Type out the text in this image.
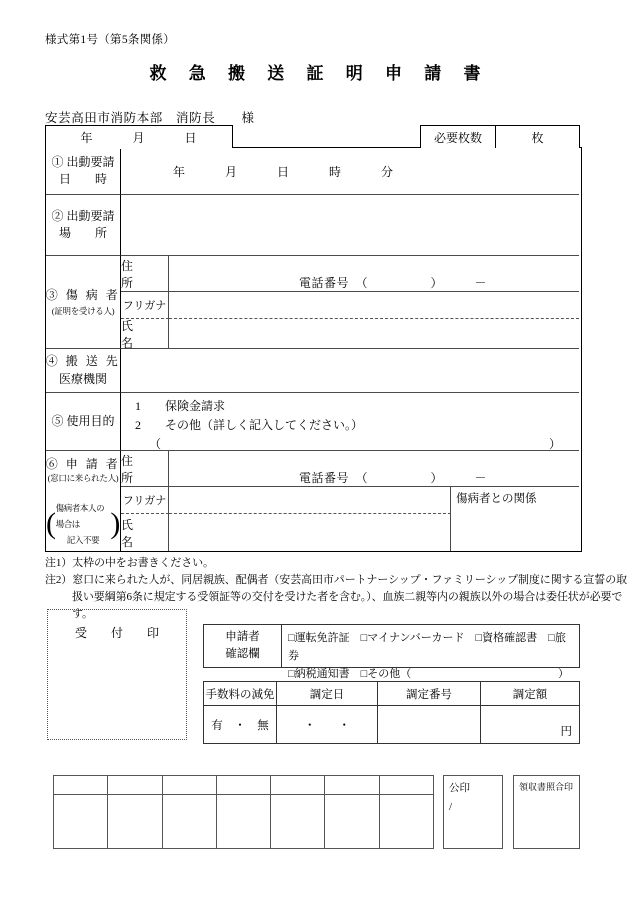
様式第1号（第5条関係）
救 急 搬 送 証 明 申 請 書
安芸高田市消防本部　消防長　　様
年　　　月　　　日	必要枚数	枚
① 出動要請
日　　時
年　　　月　　　日　　　時　　　分
② 出動要請
場　　所
③ 傷 病 者
(証明を受ける人)
住　　所	電話番号　（　　　　　）　　　－
フリガナ
氏　　名
④ 搬 送 先
医療機関
⑤ 使用目的
1　　保険金請求
2　　その他（詳しく記入してください。）
（	）
⑥ 申 請 者
(窓口に来られた人)
( 傷病者本人の場合は
記入不要
)
住　　所	電話番号　（　　　　　）　　　－
フリガナ
氏　　名
傷病者との関係
注1）太枠の中をお書きください。
注2）窓口に来られた人が、同居親族、配偶者（安芸高田市パートナーシップ・ファミリーシップ制度に関する宣誓の取
扱い要綱第6条に規定する受領証等の交付を受けた者を含む。）、血族二親等内の親族以外の場合は委任状が必要です。
受　付　印	申請者
確認欄
□運転免許証　□マイナンバーカード　□資格確認書　□旅券
□納税通知書　□その他（	）
手数料の減免	調定日	調定番号	調定額
有　・　無	・　　・		円
公印
/
領収書照合印
